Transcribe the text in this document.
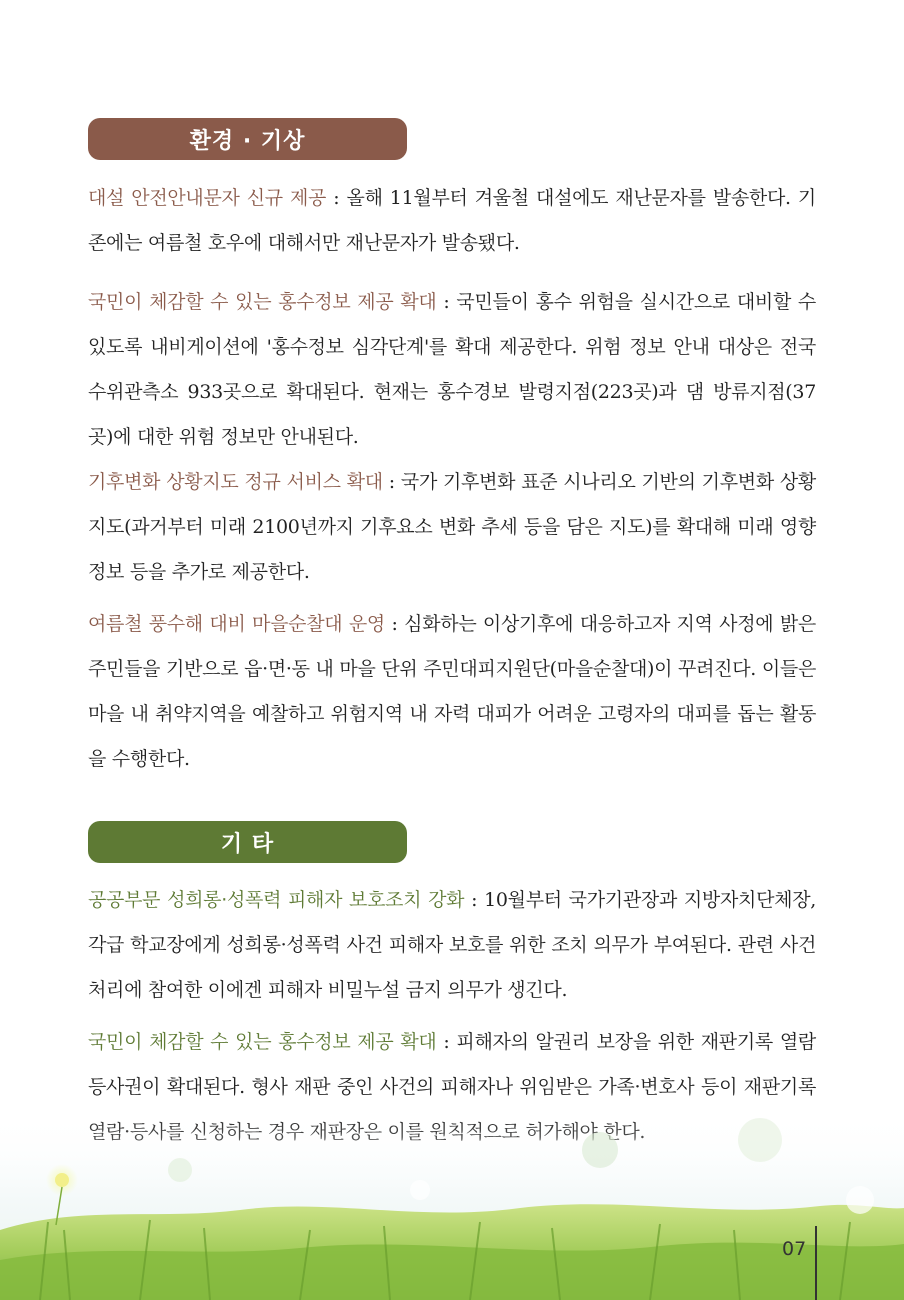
환경 · 기상

대설 안전안내문자 신규 제공 : 올해 11월부터 겨울철 대설에도 재난문자를 발송한다. 기존에는 여름철 호우에 대해서만 재난문자가 발송됐다.

국민이 체감할 수 있는 홍수정보 제공 확대 : 국민들이 홍수 위험을 실시간으로 대비할 수 있도록 내비게이션에 '홍수정보 심각단계'를 확대 제공한다. 위험 정보 안내 대상은 전국 수위관측소 933곳으로 확대된다. 현재는 홍수경보 발령지점(223곳)과 댐 방류지점(37곳)에 대한 위험 정보만 안내된다.

기후변화 상황지도 정규 서비스 확대 : 국가 기후변화 표준 시나리오 기반의 기후변화 상황지도(과거부터 미래 2100년까지 기후요소 변화 추세 등을 담은 지도)를 확대해 미래 영향정보 등을 추가로 제공한다.

여름철 풍수해 대비 마을순찰대 운영 : 심화하는 이상기후에 대응하고자 지역 사정에 밝은 주민들을 기반으로 읍·면·동 내 마을 단위 주민대피지원단(마을순찰대)이 꾸려진다. 이들은 마을 내 취약지역을 예찰하고 위험지역 내 자력 대피가 어려운 고령자의 대피를 돕는 활동을 수행한다.

기 타

공공부문 성희롱·성폭력 피해자 보호조치 강화 : 10월부터 국가기관장과 지방자치단체장, 각급 학교장에게 성희롱·성폭력 사건 피해자 보호를 위한 조치 의무가 부여된다. 관련 사건 처리에 참여한 이에겐 피해자 비밀누설 금지 의무가 생긴다.

국민이 체감할 수 있는 홍수정보 제공 확대 : 피해자의 알권리 보장을 위한 재판기록 열람등사권이 확대된다. 형사 재판 중인 사건의 피해자나 위임받은 가족·변호사 등이 재판기록

07
